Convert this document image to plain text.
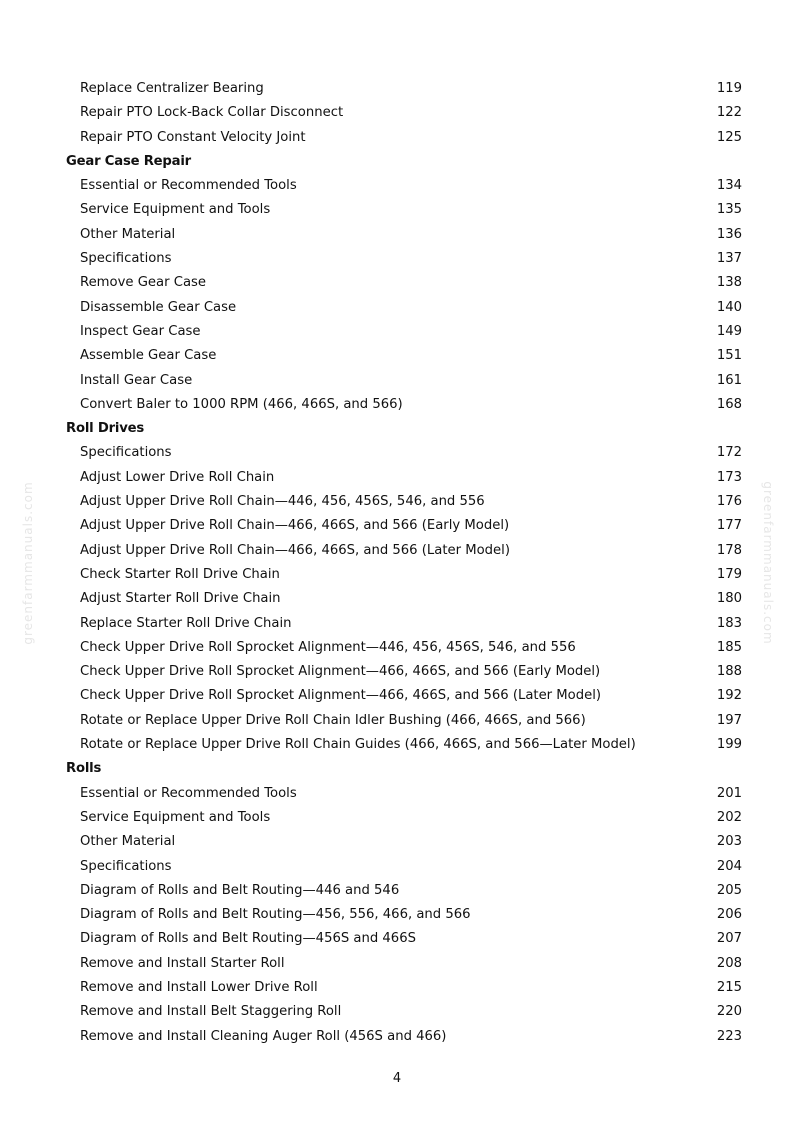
greenfarmmanuals.com	greenfarmmanuals.com
Replace Centralizer Bearing	119
Repair PTO Lock-Back Collar Disconnect	122
Repair PTO Constant Velocity Joint	125
Gear Case Repair
Essential or Recommended Tools	134
Service Equipment and Tools	135
Other Material	136
Specifications	137
Remove Gear Case	138
Disassemble Gear Case	140
Inspect Gear Case	149
Assemble Gear Case	151
Install Gear Case	161
Convert Baler to 1000 RPM (466, 466S, and 566)	168
Roll Drives
Specifications	172
Adjust Lower Drive Roll Chain	173
Adjust Upper Drive Roll Chain—446, 456, 456S, 546, and 556	176
Adjust Upper Drive Roll Chain—466, 466S, and 566 (Early Model)	177
Adjust Upper Drive Roll Chain—466, 466S, and 566 (Later Model)	178
Check Starter Roll Drive Chain	179
Adjust Starter Roll Drive Chain	180
Replace Starter Roll Drive Chain	183
Check Upper Drive Roll Sprocket Alignment—446, 456, 456S, 546, and 556	185
Check Upper Drive Roll Sprocket Alignment—466, 466S, and 566 (Early Model)	188
Check Upper Drive Roll Sprocket Alignment—466, 466S, and 566 (Later Model)	192
Rotate or Replace Upper Drive Roll Chain Idler Bushing (466, 466S, and 566)	197
Rotate or Replace Upper Drive Roll Chain Guides (466, 466S, and 566—Later Model)	199
Rolls
Essential or Recommended Tools	201
Service Equipment and Tools	202
Other Material	203
Specifications	204
Diagram of Rolls and Belt Routing—446 and 546	205
Diagram of Rolls and Belt Routing—456, 556, 466, and 566	206
Diagram of Rolls and Belt Routing—456S and 466S	207
Remove and Install Starter Roll	208
Remove and Install Lower Drive Roll	215
Remove and Install Belt Staggering Roll	220
Remove and Install Cleaning Auger Roll (456S and 466)	223
4
